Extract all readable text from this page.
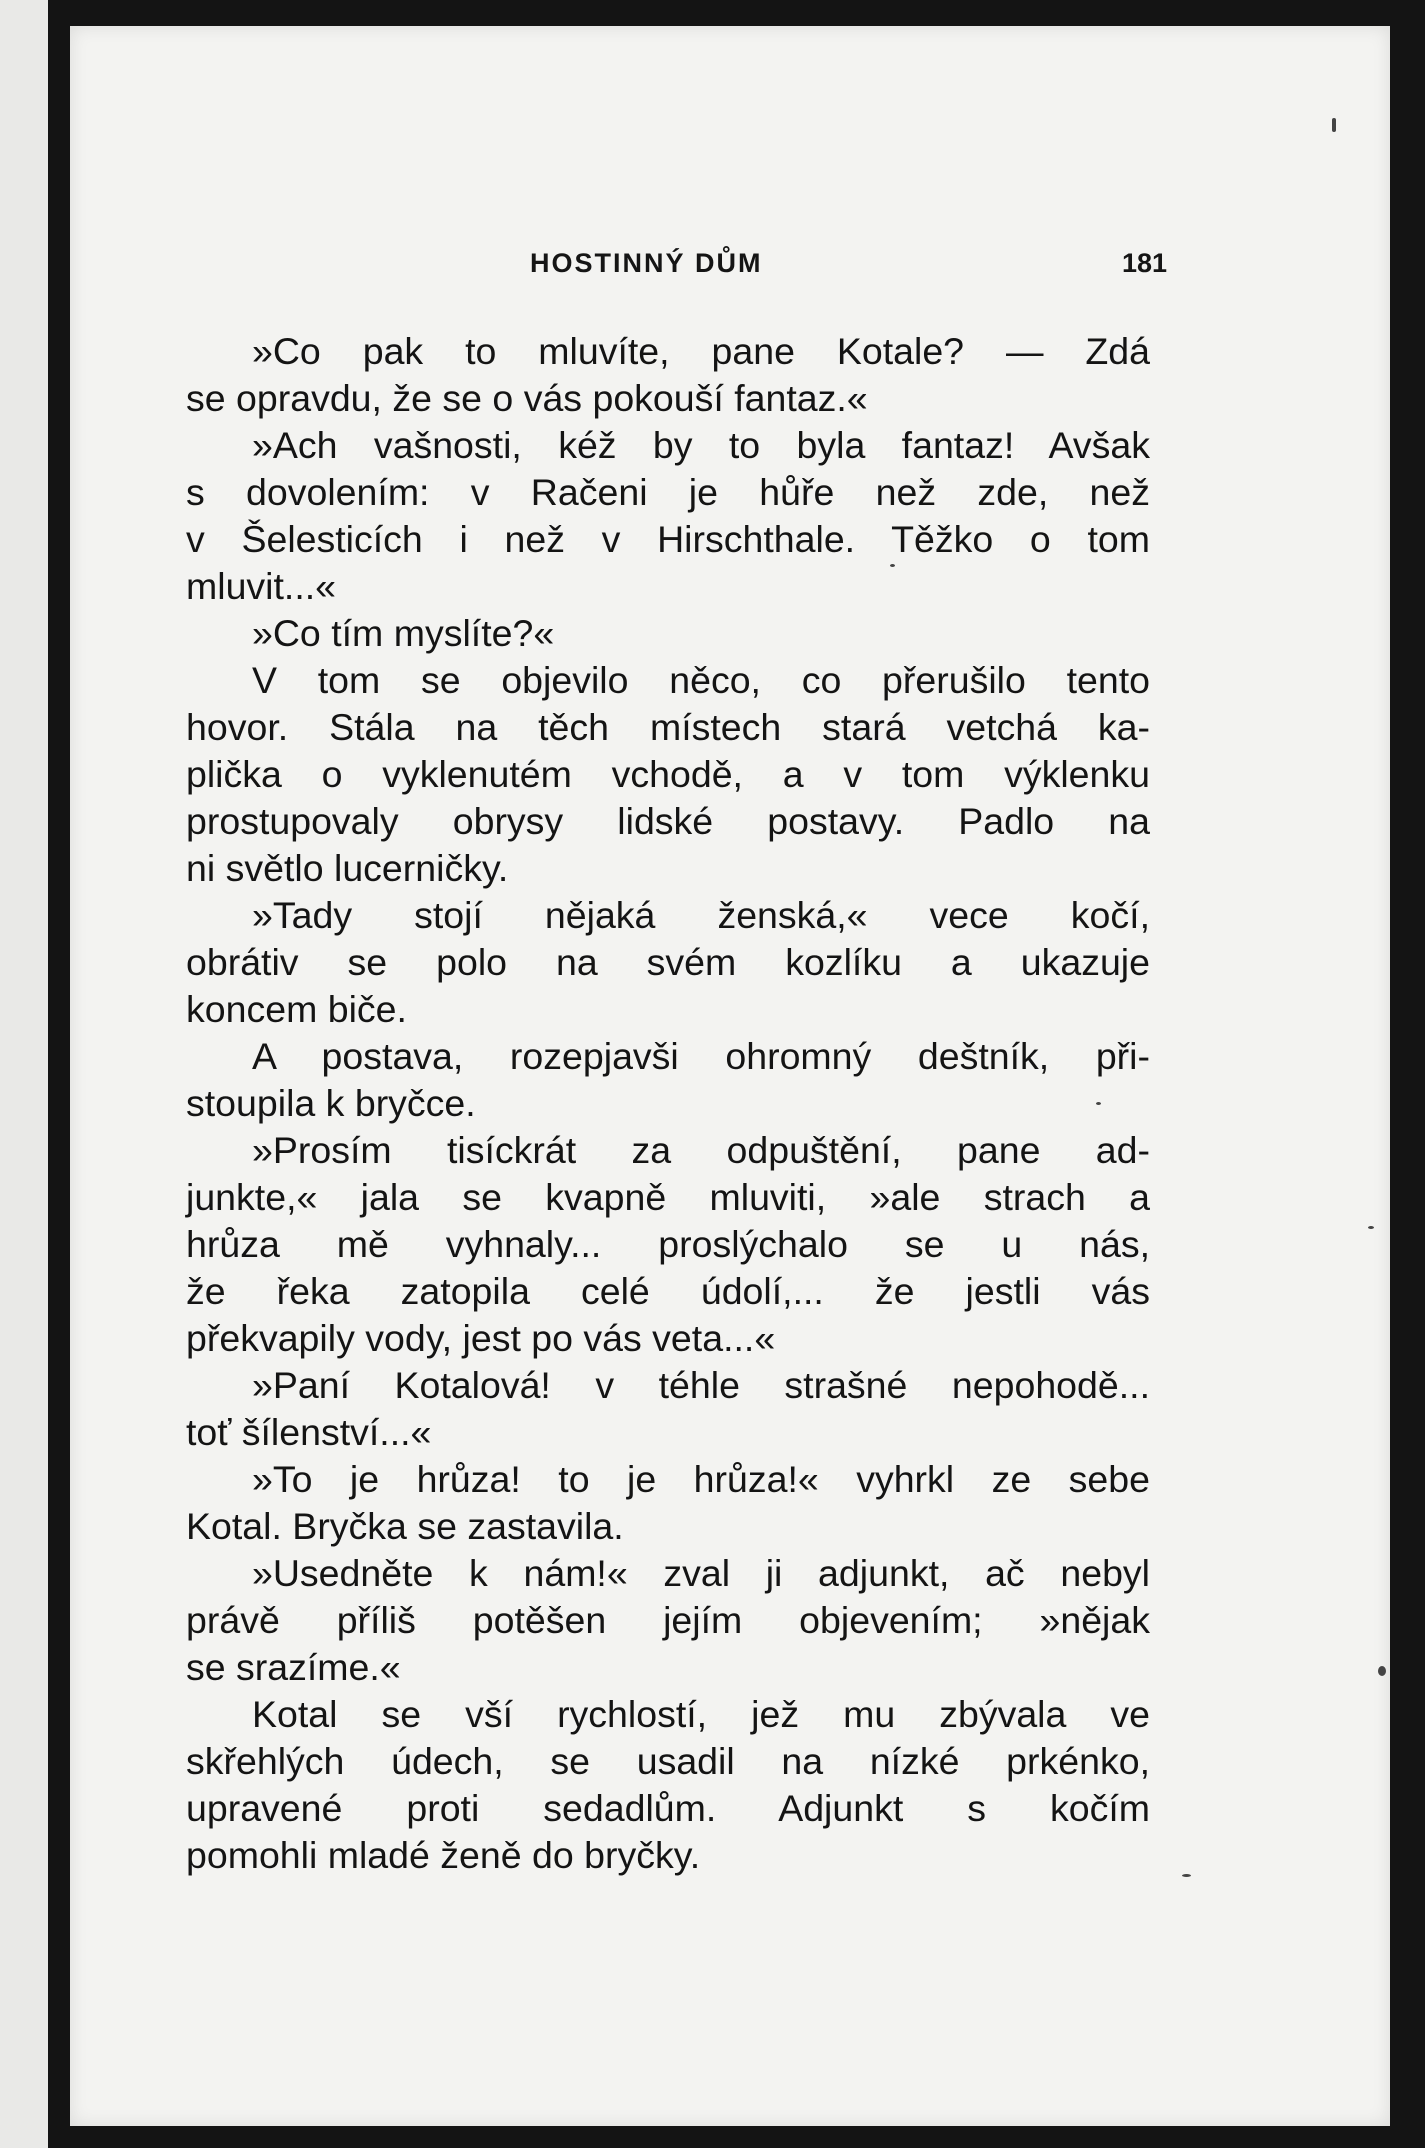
HOSTINNÝ DŮM	181
»Co pak to mluvíte, pane Kotale? — Zdá
se opravdu, že se o vás pokouší fantaz.«
»Ach vašnosti, kéž by to byla fantaz! Avšak
s dovolením: v Račeni je hůře než zde, než
v Šelesticích i než v Hirschthale. Těžko o tom
mluvit...«
»Co tím myslíte?«
V tom se objevilo něco, co přerušilo tento
hovor. Stála na těch místech stará vetchá ka-
plička o vyklenutém vchodě, a v tom výklenku
prostupovaly obrysy lidské postavy. Padlo na
ni světlo lucerničky.
»Tady stojí nějaká ženská,« vece kočí,
obrátiv se polo na svém kozlíku a ukazuje
koncem biče.
A postava, rozepjavši ohromný deštník, při-
stoupila k bryčce.
»Prosím tisíckrát za odpuštění, pane ad-
junkte,« jala se kvapně mluviti, »ale strach a
hrůza mě vyhnaly... proslýchalo se u nás,
že řeka zatopila celé údolí,... že jestli vás
překvapily vody, jest po vás veta...«
»Paní Kotalová! v téhle strašné nepohodě...
toť šílenství...«
»To je hrůza! to je hrůza!« vyhrkl ze sebe
Kotal. Bryčka se zastavila.
»Usedněte k nám!« zval ji adjunkt, ač nebyl
právě příliš potěšen jejím objevením; »nějak
se srazíme.«
Kotal se vší rychlostí, jež mu zbývala ve
skřehlých údech, se usadil na nízké prkénko,
upravené proti sedadlům. Adjunkt s kočím
pomohli mladé ženě do bryčky.
